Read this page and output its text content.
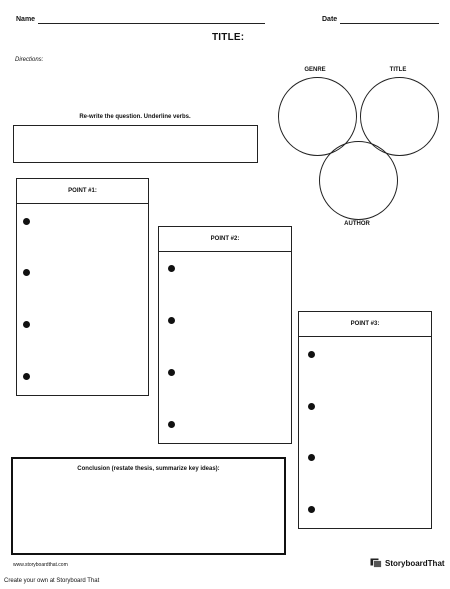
Name	Date
TITLE:
Directions:
Re-write the question. Underline verbs.
GENRE	TITLE
AUTHOR
POINT #1:
POINT #2:
POINT #3:
Conclusion (restate thesis, summarize key ideas):
www.storyboardthat.com	StoryboardThat
Create your own at Storyboard That
